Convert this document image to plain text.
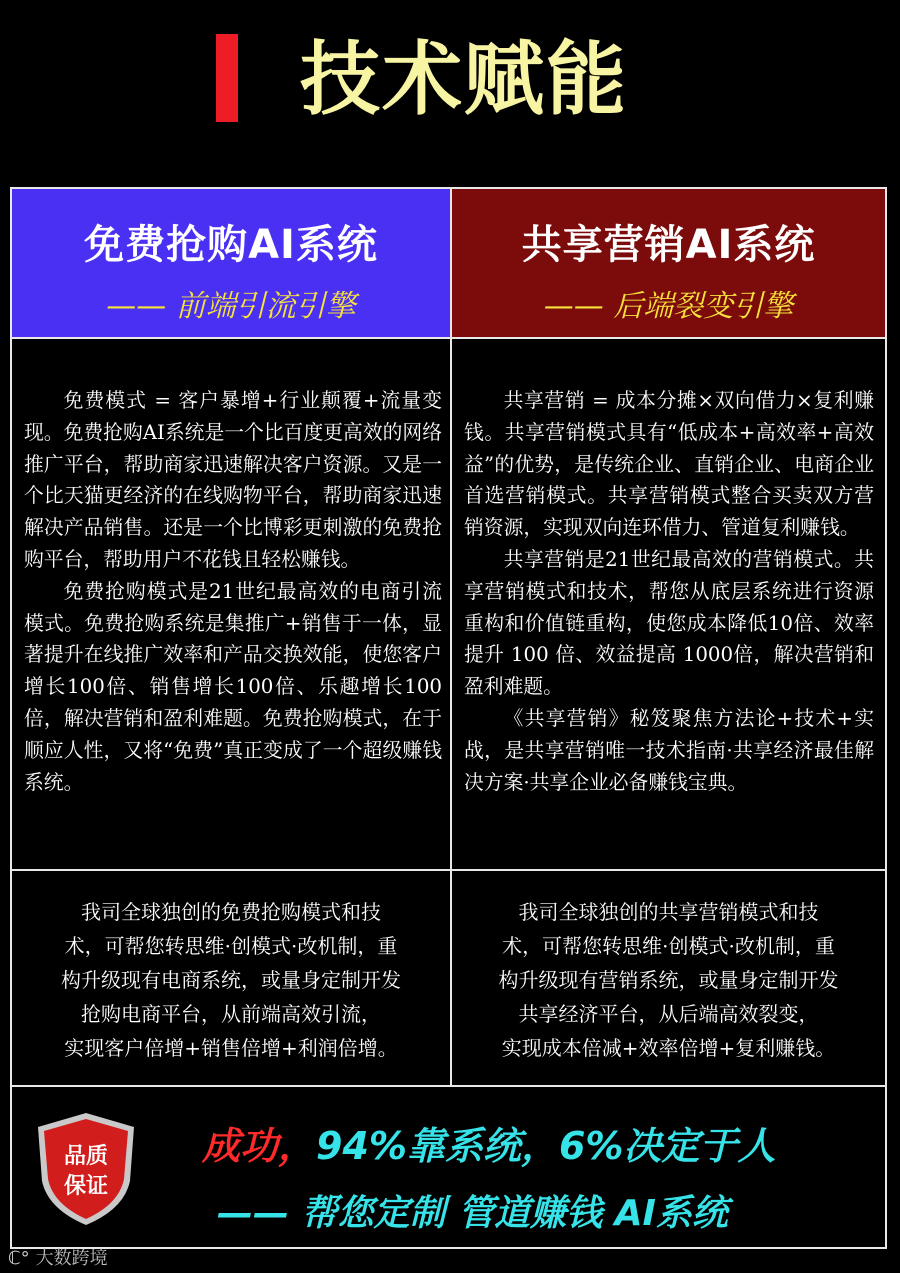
技术赋能
免费抢购AI系统
—— 前端引流引擎
共享营销AI系统
—— 后端裂变引擎

免费模式 = 客户暴增+行业颠覆+流量变现。免费抢购AI系统是一个比百度更高效的网络推广平台，帮助商家迅速解决客户资源。又是一个比天猫更经济的在线购物平台，帮助商家迅速解决产品销售。还是一个比博彩更刺激的免费抢购平台，帮助用户不花钱且轻松赚钱。

免费抢购模式是21世纪最高效的电商引流模式。免费抢购系统是集推广+销售于一体，显著提升在线推广效率和产品交换效能，使您客户增长100倍、销售增长100倍、乐趣增长100倍，解决营销和盈利难题。免费抢购模式，在于顺应人性，又将“免费”真正变成了一个超级赚钱系统。

共享营销 = 成本分摊×双向借力×复利赚钱。共享营销模式具有“低成本+高效率+高效益”的优势，是传统企业、直销企业、电商企业首选营销模式。共享营销模式整合买卖双方营销资源，实现双向连环借力、管道复利赚钱。

共享营销是21世纪最高效的营销模式。共享营销模式和技术，帮您从底层系统进行资源重构和价值链重构，使您成本降低10倍、效率提升 100 倍、效益提高 1000倍，解决营销和盈利难题。

《共享营销》秘笈聚焦方法论+技术+实战，是共享营销唯一技术指南·共享经济最佳解决方案·共享企业必备赚钱宝典。

我司全球独创的免费抢购模式和技
术，可帮您转思维·创模式·改机制，重
构升级现有电商系统，或量身定制开发
抢购电商平台，从前端高效引流，
实现客户倍增+销售倍增+利润倍增。
我司全球独创的共享营销模式和技
术，可帮您转思维·创模式·改机制，重
构升级现有营销系统，或量身定制开发
共享经济平台，从后端高效裂变，
实现成本倍减+效率倍增+复利赚钱。
品质
保证
成功，94%靠系统，6%决定于人
—— 帮您定制 管道赚钱 AI系统
ℂ° 大数跨境
